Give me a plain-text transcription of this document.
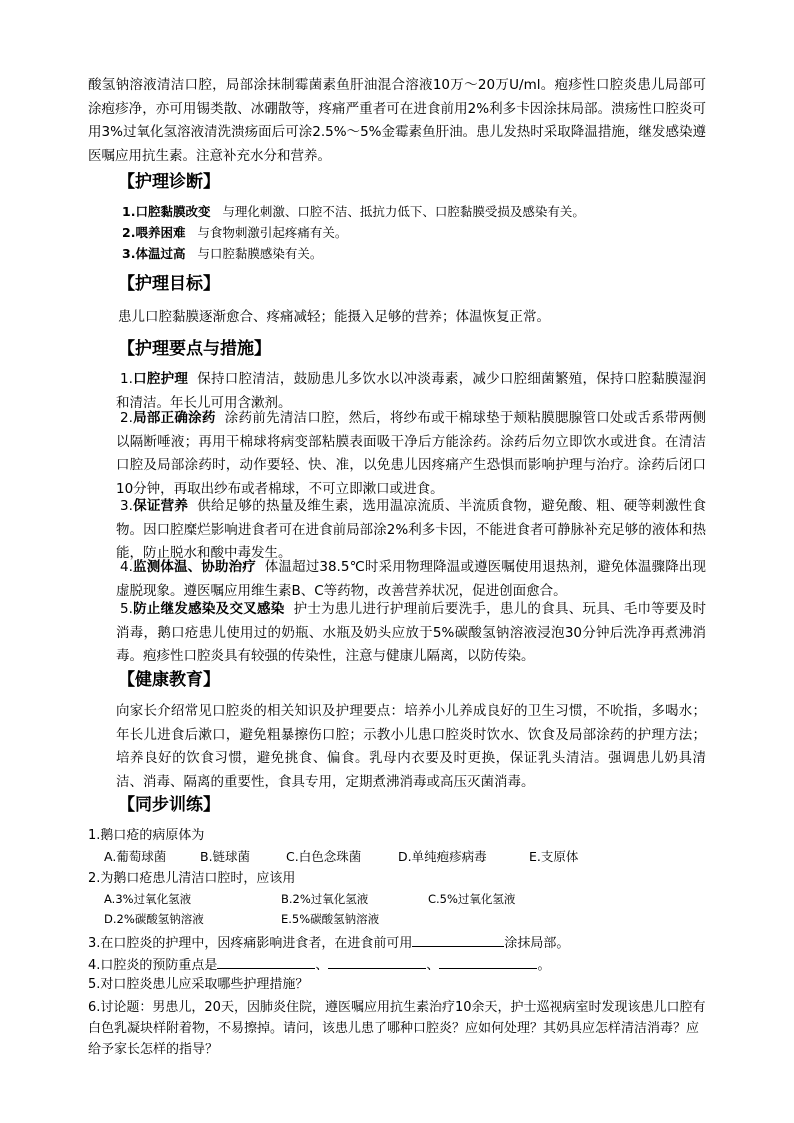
酸氢钠溶液清洁口腔，局部涂抹制霉菌素鱼肝油混合溶液10万～20万U/ml。疱疹性口腔炎患儿局部可涂疱疹净，亦可用锡类散、冰硼散等，疼痛严重者可在进食前用2%利多卡因涂抹局部。溃疡性口腔炎可用3%过氧化氢溶液清洗溃疡面后可涂2.5%～5%金霉素鱼肝油。患儿发热时采取降温措施，继发感染遵医嘱应用抗生素。注意补充水分和营养。

【护理诊断】

1.口腔黏膜改变 与理化刺激、口腔不洁、抵抗力低下、口腔黏膜受损及感染有关。

2.喂养困难 与食物刺激引起疼痛有关。

3.体温过高 与口腔黏膜感染有关。

【护理目标】

患儿口腔黏膜逐渐愈合、疼痛减轻；能摄入足够的营养；体温恢复正常。

【护理要点与措施】

1.口腔护理 保持口腔清洁，鼓励患儿多饮水以冲淡毒素，减少口腔细菌繁殖，保持口腔黏膜湿润和清洁。年长儿可用含漱剂。

2.局部正确涂药 涂药前先清洁口腔，然后，将纱布或干棉球垫于颊粘膜腮腺管口处或舌系带两侧以隔断唾液；再用干棉球将病变部粘膜表面吸干净后方能涂药。涂药后勿立即饮水或进食。在清洁口腔及局部涂药时，动作要轻、快、准，以免患儿因疼痛产生恐惧而影响护理与治疗。涂药后闭口10分钟，再取出纱布或者棉球，不可立即漱口或进食。

3.保证营养 供给足够的热量及维生素，选用温凉流质、半流质食物，避免酸、粗、硬等刺激性食物。因口腔糜烂影响进食者可在进食前局部涂2%利多卡因，不能进食者可静脉补充足够的液体和热能，防止脱水和酸中毒发生。

4.监测体温、协助治疗 体温超过38.5℃时采用物理降温或遵医嘱使用退热剂，避免体温骤降出现虚脱现象。遵医嘱应用维生素B、C等药物，改善营养状况，促进创面愈合。

5.防止继发感染及交叉感染 护士为患儿进行护理前后要洗手，患儿的食具、玩具、毛巾等要及时消毒，鹅口疮患儿使用过的奶瓶、水瓶及奶头应放于5%碳酸氢钠溶液浸泡30分钟后洗净再煮沸消毒。疱疹性口腔炎具有较强的传染性，注意与健康儿隔离，以防传染。

【健康教育】

向家长介绍常见口腔炎的相关知识及护理要点：培养小儿养成良好的卫生习惯，不吮指，多喝水；年长儿进食后漱口，避免粗暴擦伤口腔；示教小儿患口腔炎时饮水、饮食及局部涂药的护理方法；培养良好的饮食习惯，避免挑食、偏食。乳母内衣要及时更换，保证乳头清洁。强调患儿奶具清洁、消毒、隔离的重要性，食具专用，定期煮沸消毒或高压灭菌消毒。

【同步训练】

1.鹅口疮的病原体为

A.葡萄球菌	B.链球菌	C.白色念珠菌	D.单纯疱疹病毒	E.支原体

2.为鹅口疮患儿清洁口腔时，应该用

A.3%过氧化氢液	B.2%过氧化氢液	C.5%过氧化氢液
D.2%碳酸氢钠溶液	E.5%碳酸氢钠溶液

3.在口腔炎的护理中，因疼痛影响进食者，在进食前可用	涂抹局部。

4.口腔炎的预防重点是	、	、	。

5.对口腔炎患儿应采取哪些护理措施？

6.讨论题：男患儿，20天，因肺炎住院，遵医嘱应用抗生素治疗10余天，护士巡视病室时发现该患儿口腔有白色乳凝块样附着物，不易擦掉。请问，该患儿患了哪种口腔炎？应如何处理？其奶具应怎样清洁消毒？应给予家长怎样的指导？
